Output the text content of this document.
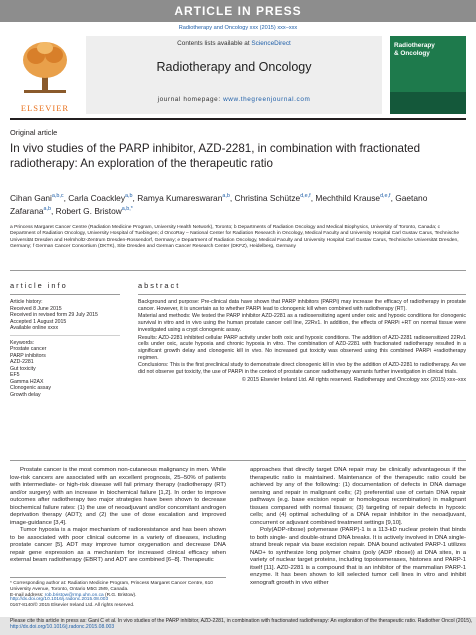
ARTICLE IN PRESS
Radiotherapy and Oncology xxx (2015) xxx–xxx
ELSEVIER
Contents lists available at ScienceDirect
Radiotherapy and Oncology
journal homepage: www.thegreenjournal.com
Radiotherapy
& Oncology
Original article
In vivo studies of the PARP inhibitor, AZD-2281, in combination with fractionated radiotherapy: An exploration of the therapeutic ratio
Cihan Gani$^{a,b,c}$, Carla Coackley$^{a,b}$, Ramya Kumareswaran$^{a,b}$, Christina Schütze$^{d,e,f}$, Mechthild Krause$^{d,e,f}$, Gaetano Zafarana$^{a,b}$, Robert G. Bristow$^{a,b,*}$
a Princess Margaret Cancer Centre (Radiation Medicine Program, University Health Network), Toronto; b Departments of Radiation Oncology and Medical Biophysics, University of Toronto, Canada; c Department of Radiation Oncology, University Hospital of Tuebingen; d OncoRay – National Center for Radiation Research in Oncology, Medical Faculty and University Hospital Carl Gustav Carus, Technische Universität Dresden and Helmholtz-Zentrum Dresden-Rossendorf, Germany; e Department of Radiation Oncology, Medical Faculty and University Hospital Carl Gustav Carus, Technische Universität Dresden, Germany; f German Cancer Consortium (DKTK), Site Dresden and German Cancer Research Center (DKFZ), Heidelberg, Germany
article info
Article history:
Received 8 June 2015
Received in revised form 29 July 2015
Accepted 1 August 2015
Available online xxxx
Keywords:
Prostate cancer
PARP inhibitors
AZD-2281
Gut toxicity
EF5
Gamma H2AX
Clonogenic assay
Growth delay
abstract

Background and purpose: Pre-clinical data have shown that PARP inhibitors (PARPi) may increase the efficacy of radiotherapy in prostate cancer. However, it is uncertain as to whether PARPi lead to clonogenic kill when combined with radiotherapy (RT).

Material and methods: We tested the PARP inhibitor AZD-2281 as a radiosensitizing agent under oxic and hypoxic conditions for clonogenic survival in vitro and in vivo using the human prostate cancer cell line, 22Rv1. In addition, the effects of PARPi +RT on normal tissue were investigated using a crypt clonogenic assay.

Results: AZD-2281 inhibited cellular PARP activity under both oxic and hypoxic conditions. The addition of AZD-2281 radiosensitized 22Rv1 cells under oxic, acute hypoxia and chronic hypoxia in vitro. The combination of AZD-2281 with fractionated radiotherapy resulted in a significant growth delay and clonogenic kill in vivo. No increased gut toxicity was observed using this combined PARPi +radiotherapy regimen.

Conclusions: This is the first preclinical study to demonstrate direct clonogenic kill in vivo by the addition of AZD-2281 to radiotherapy. As we did not observe gut toxicity, the use of PARPi in the context of prostate cancer radiotherapy warrants further investigation in clinical trials.

© 2015 Elsevier Ireland Ltd. All rights reserved. Radiotherapy and Oncology xxx (2015) xxx–xxx

Prostate cancer is the most common non-cutaneous malignancy in men. While low-risk cancers are associated with an excellent prognosis, 25–50% of patients with intermediate- or high-risk disease will fail primary therapy (radiotherapy (RT) and/or surgery) with an increase in biochemical failure [1,2]. In order to improve outcomes after radiotherapy two major strategies have been shown to decrease biochemical failure rates: (1) the use of neoadjuvant and/or concomitant androgen deprivation therapy (ADT); and (2) the use of dose escalation and improved image-guidance [3,4].

Tumor hypoxia is a major mechanism of radioresistance and has been shown to be associated with poor clinical outcome in a variety of diseases, including prostate cancer [5]. ADT may improve tumor oxygenation and decrease DNA repair gene expression as a mechanism for increased clinical efficacy when external beam radiotherapy (EBRT) and ADT are combined [6–8]. Therapeutic

approaches that directly target DNA repair may be clinically advantageous if the therapeutic ratio is maintained. Maintenance of the therapeutic ratio could be achieved by any of the following: (1) documentation of defects in DNA damage sensing and repair in malignant cells; (2) preferential use of certain DNA repair pathways (e.g. base excision repair or homologous recombination) in malignant tissues compared with normal tissues; (3) targeting of repair defects in hypoxic cells; and (4) optimal scheduling of a DNA repair inhibitor in the neoadjuvant, concurrent or adjuvant combined treatment settings [9,10].

Poly(ADP-ribose) polymerase (PARP)-1 is a 113-kD nuclear protein that binds to both single- and double-strand DNA breaks. It is actively involved in DNA single-strand break repair via base excision repair. DNA bound activated PARP-1 utilizes NAD+ to synthesize long polymer chains (poly (ADP ribose)) at DNA sites, in a variety of nuclear target proteins, including topoisomerases, histones and PARP-1 itself [11]. AZD-2281 is a compound that is an inhibitor of the mammalian PARP-1 enzyme. It has been shown to kill selected tumor cell lines in vitro and inhibit xenograft growth in vivo either

* Corresponding author at: Radiation Medicine Program, Princess Margaret Cancer Centre, 610 University Avenue, Toronto, Ontario M5G 2M9, Canada.
E-mail address: rob.bristow@rmp.uhn.on.ca (R.G. Bristow).
http://dx.doi.org/10.1016/j.radonc.2015.08.003
0167-8140/© 2015 Elsevier Ireland Ltd. All rights reserved.
Please cite this article in press as: Gani C et al. In vivo studies of the PARP inhibitor, AZD-2281, in combination with fractionated radiotherapy: An exploration of the therapeutic ratio. Radiother Oncol (2015), http://dx.doi.org/10.1016/j.radonc.2015.08.003
